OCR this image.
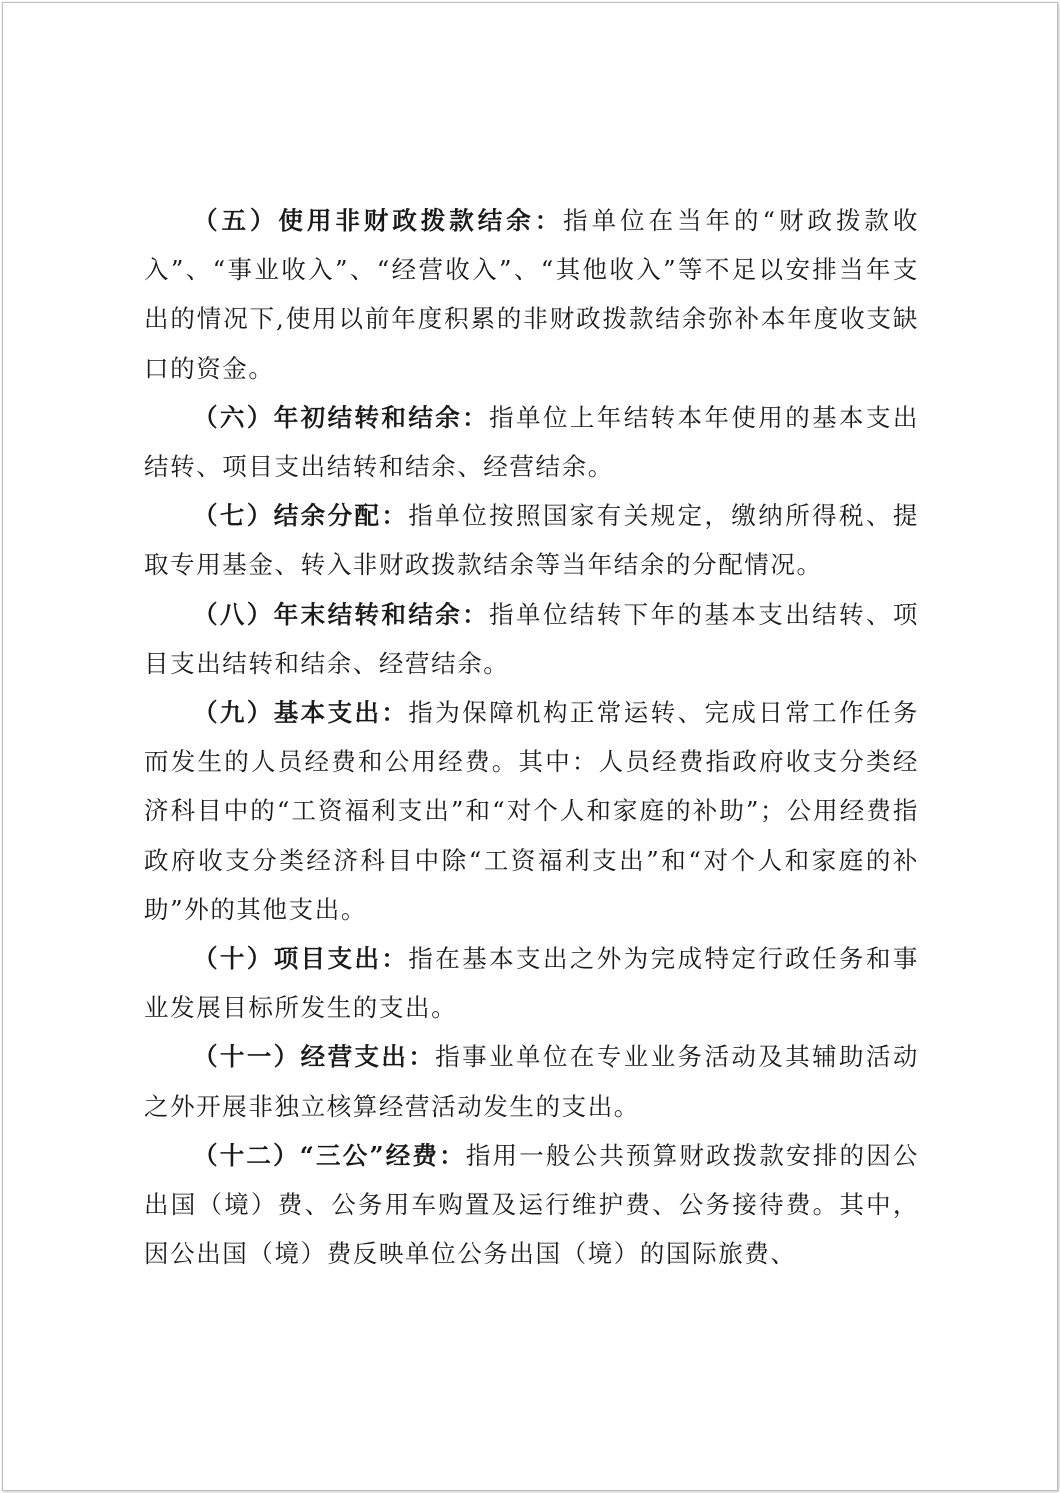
（五）使用非财政拨款结余：指单位在当年的“财政拨款收入”、“事业收入”、“经营收入”、“其他收入”等不足以安排当年支出的情况下,使用以前年度积累的非财政拨款结余弥补本年度收支缺口的资金。

（六）年初结转和结余：指单位上年结转本年使用的基本支出结转、项目支出结转和结余、经营结余。

（七）结余分配：指单位按照国家有关规定，缴纳所得税、提取专用基金、转入非财政拨款结余等当年结余的分配情况。

（八）年末结转和结余：指单位结转下年的基本支出结转、项目支出结转和结余、经营结余。

（九）基本支出：指为保障机构正常运转、完成日常工作任务而发生的人员经费和公用经费。其中：人员经费指政府收支分类经济科目中的“工资福利支出”和“对个人和家庭的补助”；公用经费指政府收支分类经济科目中除“工资福利支出”和“对个人和家庭的补助”外的其他支出。

（十）项目支出：指在基本支出之外为完成特定行政任务和事业发展目标所发生的支出。

（十一）经营支出：指事业单位在专业业务活动及其辅助活动之外开展非独立核算经营活动发生的支出。

（十二）“三公”经费：指用一般公共预算财政拨款安排的因公出国（境）费、公务用车购置及运行维护费、公务接待费。其中，因公出国（境）费反映单位公务出国（境）的国际旅费、
